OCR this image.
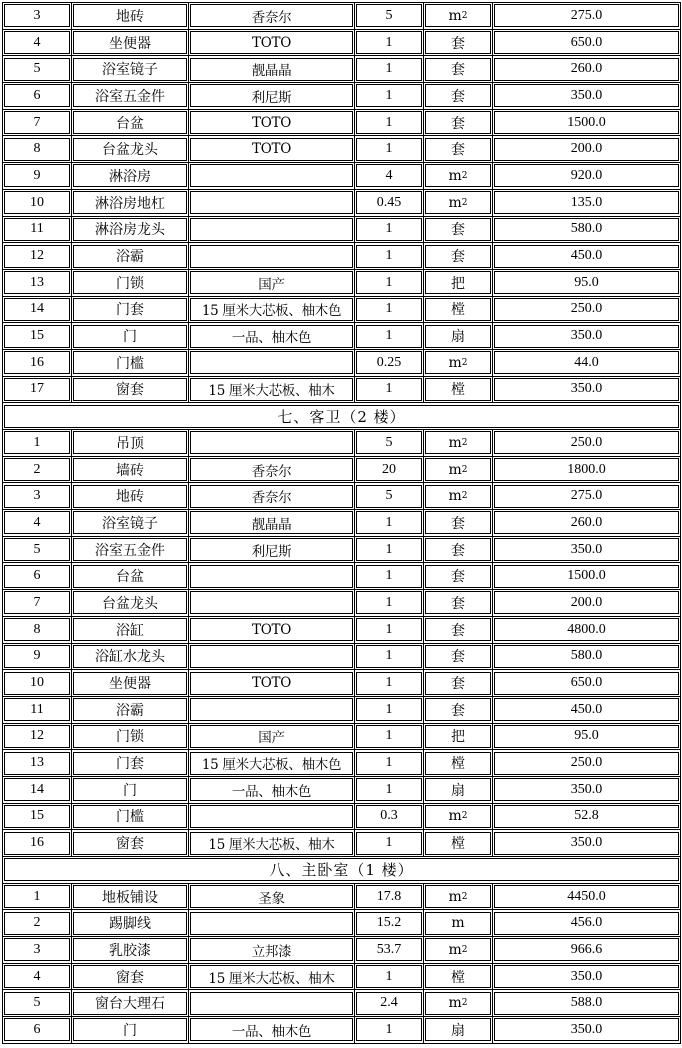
3	地砖	香奈尔	5	m 2	275.0

4	坐便器	TOTO	1	套	650.0

5	浴室镜子	靓晶晶	1	套	260.0

6	浴室五金件	利尼斯	1	套	350.0

7	台盆	TOTO	1	套	1500.0

8	台盆龙头	TOTO	1	套	200.0

9	淋浴房		4	m 2	920.0

10	淋浴房地杠		0.45	m 2	135.0

11	淋浴房龙头		1	套	580.0

12	浴霸		1	套	450.0

13	门锁	国产	1	把	95.0

14	门套	15 厘米大芯板、柚木色	1	樘	250.0

15	门	一品、柚木色	1	扇	350.0

16	门槛		0.25	m 2	44.0

17	窗套	15 厘米大芯板、柚木	1	樘	350.0

七、客卫（2 楼）					

1	吊顶		5	m 2	250.0

2	墙砖	香奈尔	20	m 2	1800.0

3	地砖	香奈尔	5	m 2	275.0

4	浴室镜子	靓晶晶	1	套	260.0

5	浴室五金件	利尼斯	1	套	350.0

6	台盆		1	套	1500.0

7	台盆龙头		1	套	200.0

8	浴缸	TOTO	1	套	4800.0

9	浴缸水龙头		1	套	580.0

10	坐便器	TOTO	1	套	650.0

11	浴霸		1	套	450.0

12	门锁	国产	1	把	95.0

13	门套	15 厘米大芯板、柚木色	1	樘	250.0

14	门	一品、柚木色	1	扇	350.0

15	门槛		0.3	m 2	52.8

16	窗套	15 厘米大芯板、柚木	1	樘	350.0

八、主卧室（1 楼）					

1	地板铺设	圣象	17.8	m 2	4450.0

2	踢脚线		15.2	m	456.0

3	乳胶漆	立邦漆	53.7	m 2	966.6

4	窗套	15 厘米大芯板、柚木	1	樘	350.0

5	窗台大理石		2.4	m 2	588.0

6	门	一品、柚木色	1	扇	350.0
